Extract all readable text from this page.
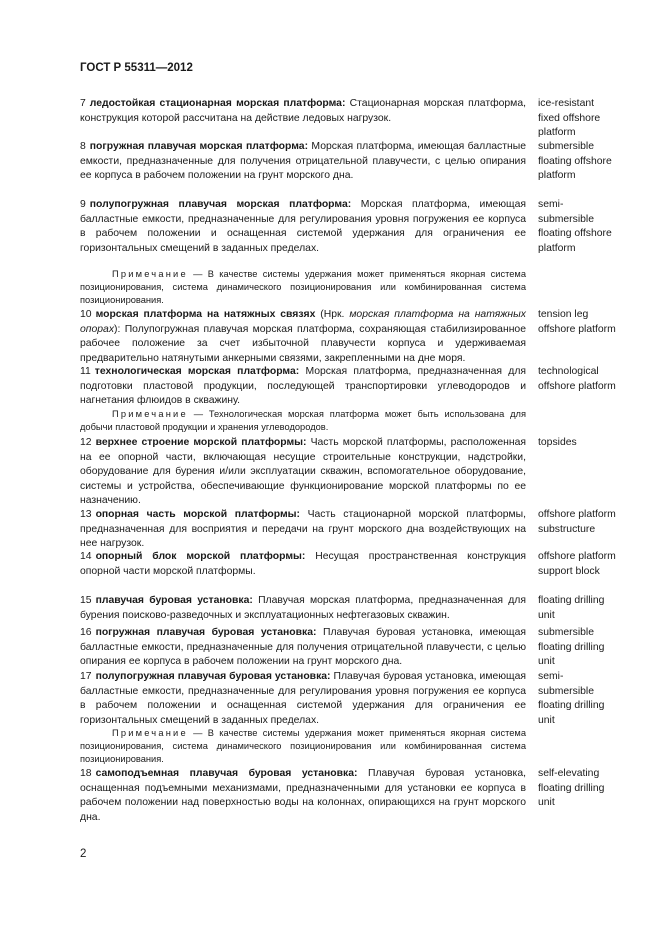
ГОСТ Р 55311—2012
7 ледостойкая стационарная морская платформа: Стационарная морская платформа, конструкция которой рассчитана на действие ледовых нагрузок.
ice-resistant fixed offshore platform
8 погружная плавучая морская платформа: Морская платформа, имеющая балластные емкости, предназначенные для получения отрицательной плавучести, с целью опирания ее корпуса в рабочем положении на грунт морского дна.
submersible floating offshore platform
9 полупогружная плавучая морская платформа: Морская платформа, имеющая балластные емкости, предназначенные для регулирования уровня погружения ее корпуса в рабочем положении и оснащенная системой удержания для ограничения ее горизонтальных смещений в заданных пределах.
semi-submersible floating offshore platform
Примечание — В качестве системы удержания может применяться якорная система позиционирования, система динамического позиционирования или комбинированная система позиционирования.
10 морская платформа на натяжных связях (Нрк. морская платформа на натяжных опорах): Полупогружная плавучая морская платформа, сохраняющая стабилизированное рабочее положение за счет избыточной плавучести корпуса и удерживаемая предварительно натянутыми анкерными связями, закрепленными на дне моря.
tension leg offshore platform
11 технологическая морская платформа: Морская платформа, предназначенная для подготовки пластовой продукции, последующей транспортировки углеводородов и нагнетания флюидов в скважину.
technological offshore platform
Примечание — Технологическая морская платформа может быть использована для добычи пластовой продукции и хранения углеводородов.
12 верхнее строение морской платформы: Часть морской платформы, расположенная на ее опорной части, включающая несущие строительные конструкции, надстройки, оборудование для бурения и/или эксплуатации скважин, вспомогательное оборудование, системы и устройства, обеспечивающие функционирование морской платформы по ее назначению.
topsides
13 опорная часть морской платформы: Часть стационарной морской платформы, предназначенная для восприятия и передачи на грунт морского дна воздействующих на нее нагрузок.
offshore platform substructure
14 опорный блок морской платформы: Несущая пространственная конструкция опорной части морской платформы.
offshore platform support block
15 плавучая буровая установка: Плавучая морская платформа, предназначенная для бурения поисково-разведочных и эксплуатационных нефтегазовых скважин.
floating drilling unit
16 погружная плавучая буровая установка: Плавучая буровая установка, имеющая балластные емкости, предназначенные для получения отрицательной плавучести, с целью опирания ее корпуса в рабочем положении на грунт морского дна.
submersible floating drilling unit
17 полупогружная плавучая буровая установка: Плавучая буровая установка, имеющая балластные емкости, предназначенные для регулирования уровня погружения ее корпуса в рабочем положении и оснащенная системой удержания для ограничения ее горизонтальных смещений в заданных пределах.
semi-submersible floating drilling unit
Примечание — В качестве системы удержания может применяться якорная система позиционирования, система динамического позиционирования или комбинированная система позиционирования.
18 самоподъемная плавучая буровая установка: Плавучая буровая установка, оснащенная подъемными механизмами, предназначенными для установки ее корпуса в рабочем положении над поверхностью воды на колоннах, опирающихся на грунт морского дна.
self-elevating floating drilling unit
2
